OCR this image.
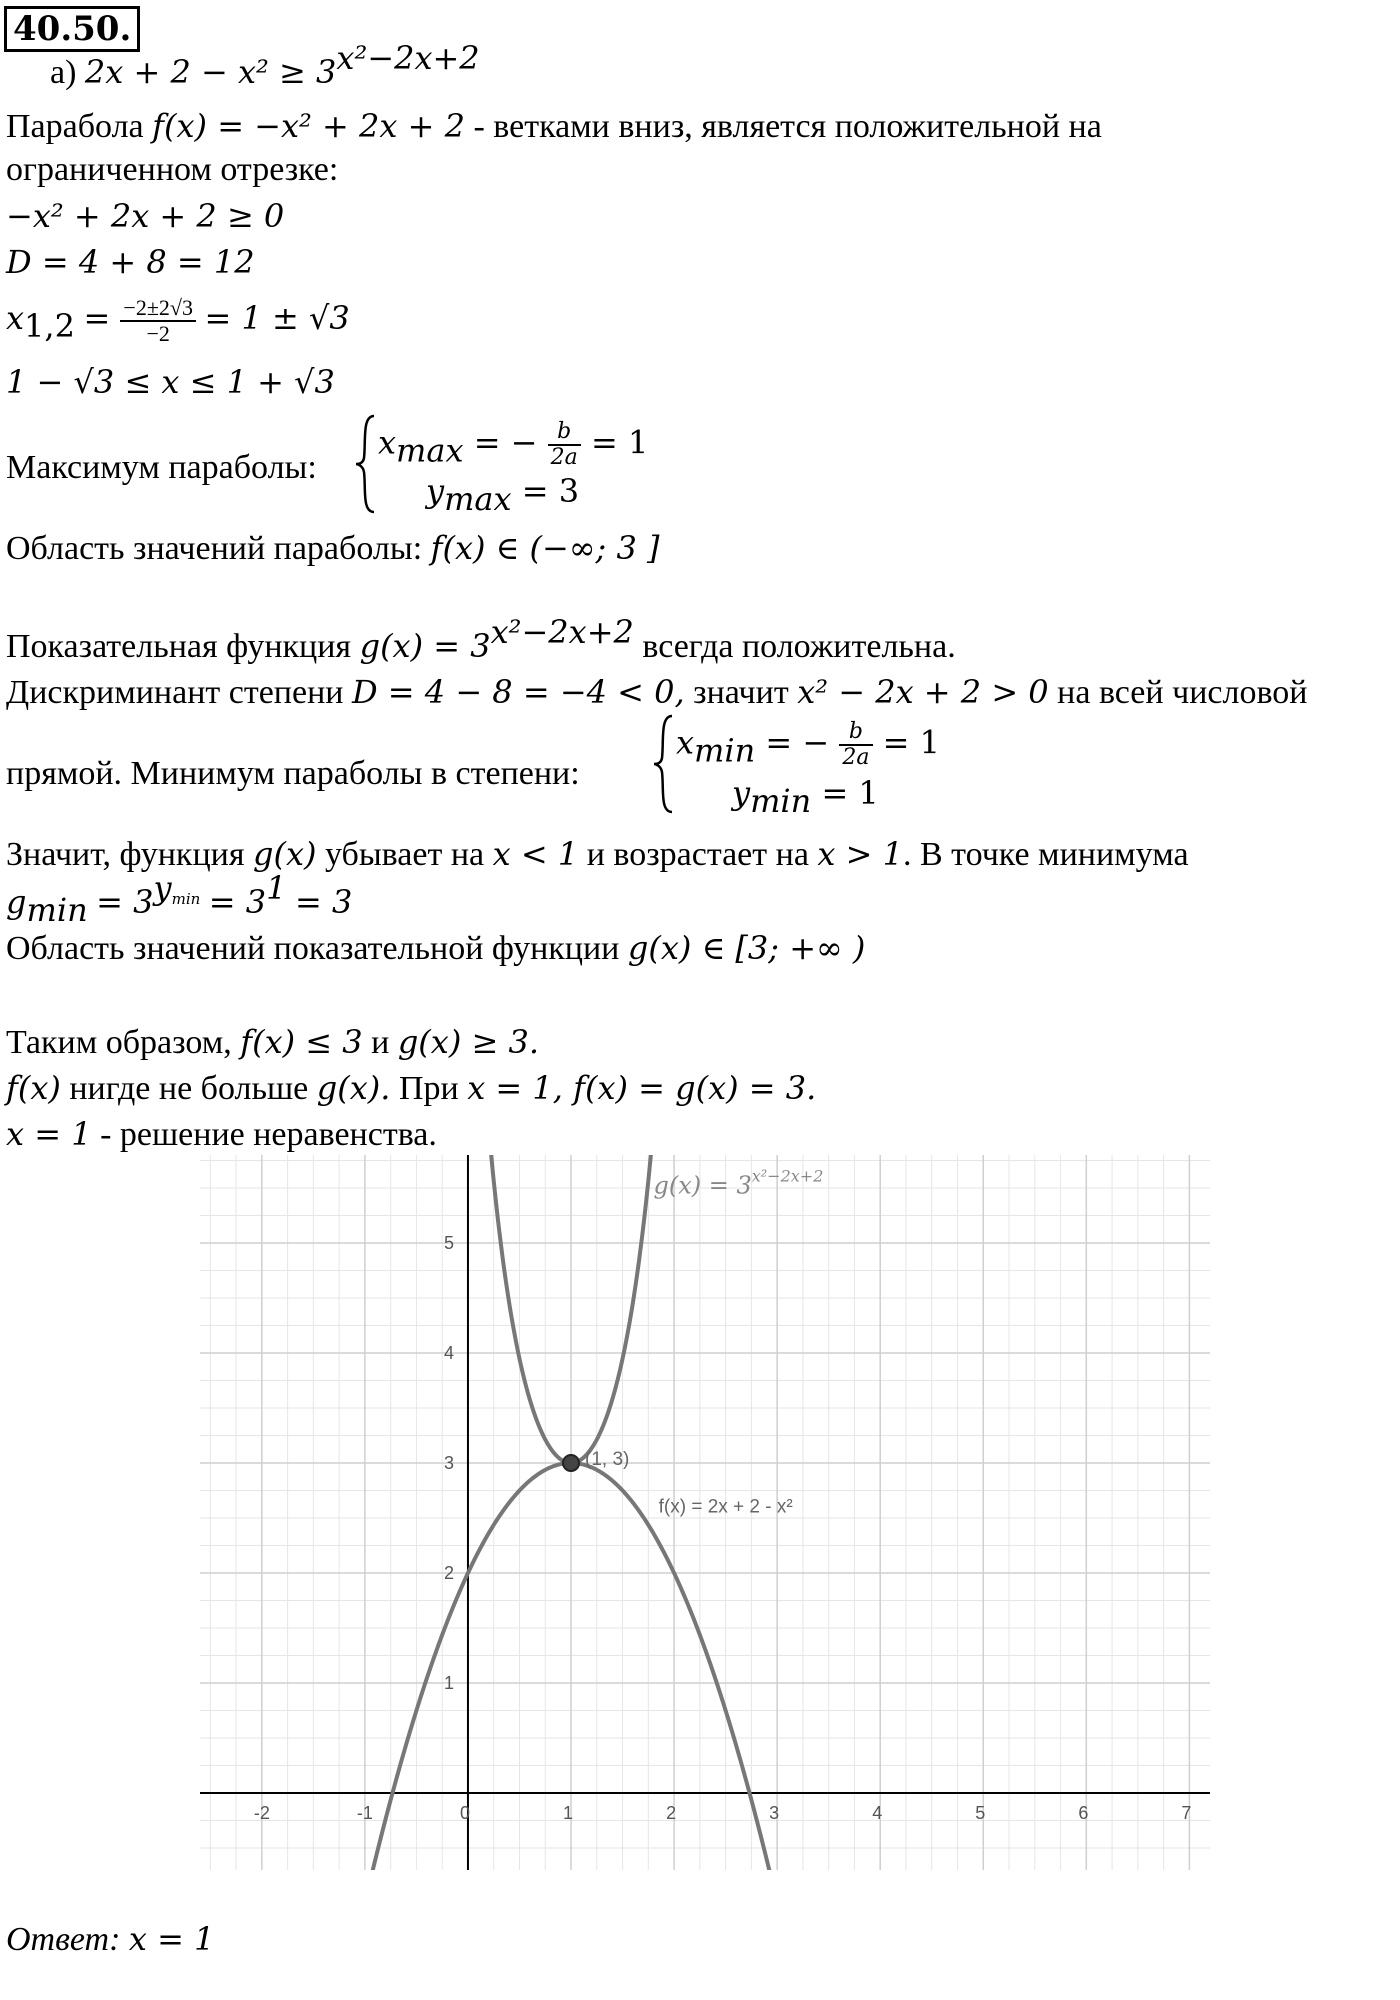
40.50.
а) $2x + 2 - x^2 \ge 3^{x^2-2x+2}$
Парабола f(x) = −x² + 2x + 2 - ветками вниз, является положительной на
ограниченном отрезке:
−x² + 2x + 2 ≥ 0
D = 4 + 8 = 12
$x_{1,2} = \frac{-2\pm 2√3}{-2} = 1 \pm √3$
1 − √3 ≤ x ≤ 1 + √3
Максимум параболы:
$x_{max}$ = − $\frac{b}{2a} = 1$
$y_{max} = 3$
Область значений параболы: f(x) ∈ (−∞; 3 ]
Показательная функция $g(x) = 3^{x^2-2x+2}$ всегда положительна.
Дискриминант степени D = 4 − 8 = −4 < 0, значит x² − 2x + 2 > 0 на всей числовой
прямой. Минимум параболы в степени:
$x_{min}$ = − $\frac{b}{2a} = 1$
$y_{min} = 1$
Значит, функция g(x) убывает на x < 1 и возрастает на x > 1. В точке минимума
$g_{min} = 3^{y_{min}} = 3^1 = 3$
Область значений показательной функции g(x) ∈ [3; +∞ )
Таким образом, f(x) ≤ 3 и g(x) ≥ 3.
f(x) нигде не больше g(x). При x = 1, f(x) = g(x) = 3.
x = 1 - решение неравенства.
-2	-1	0	1	2	3	4	5	6	7
1
2
3
4
5
(1, 3)
$g(x) = 3^{x^2-2x+2}$
f(x) = 2x + 2 - x²
Ответ: x = 1
